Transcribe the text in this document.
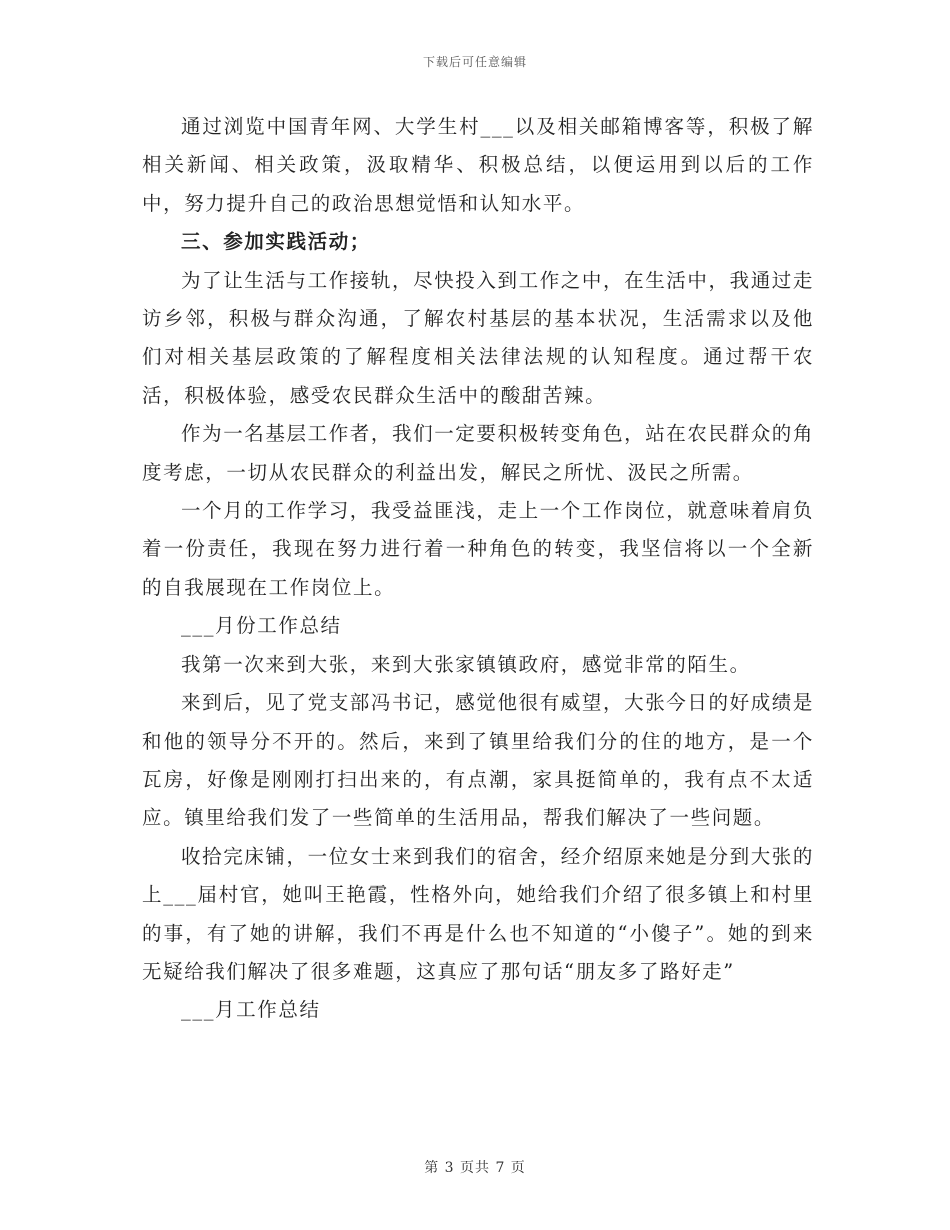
下载后可任意编辑

通过浏览中国青年网、大学生村___以及相关邮箱博客等，积极了解相关新闻、相关政策，汲取精华、积极总结，以便运用到以后的工作中，努力提升自己的政治思想觉悟和认知水平。

三、参加实践活动；

为了让生活与工作接轨，尽快投入到工作之中，在生活中，我通过走访乡邻，积极与群众沟通，了解农村基层的基本状况，生活需求以及他们对相关基层政策的了解程度相关法律法规的认知程度。通过帮干农活，积极体验，感受农民群众生活中的酸甜苦辣。

作为一名基层工作者，我们一定要积极转变角色，站在农民群众的角度考虑，一切从农民群众的利益出发，解民之所忧、汲民之所需。

一个月的工作学习，我受益匪浅，走上一个工作岗位，就意味着肩负着一份责任，我现在努力进行着一种角色的转变，我坚信将以一个全新的自我展现在工作岗位上。

___月份工作总结

我第一次来到大张，来到大张家镇镇政府，感觉非常的陌生。

来到后，见了党支部冯书记，感觉他很有威望，大张今日的好成绩是和他的领导分不开的。然后，来到了镇里给我们分的住的地方，是一个瓦房，好像是刚刚打扫出来的，有点潮，家具挺简单的，我有点不太适应。镇里给我们发了一些简单的生活用品，帮我们解决了一些问题。

收拾完床铺，一位女士来到我们的宿舍，经介绍原来她是分到大张的上___届村官，她叫王艳霞，性格外向，她给我们介绍了很多镇上和村里的事，有了她的讲解，我们不再是什么也不知道的“小傻子”。她的到来无疑给我们解决了很多难题，这真应了那句话“朋友多了路好走”

___月工作总结

第 3 页共 7 页
